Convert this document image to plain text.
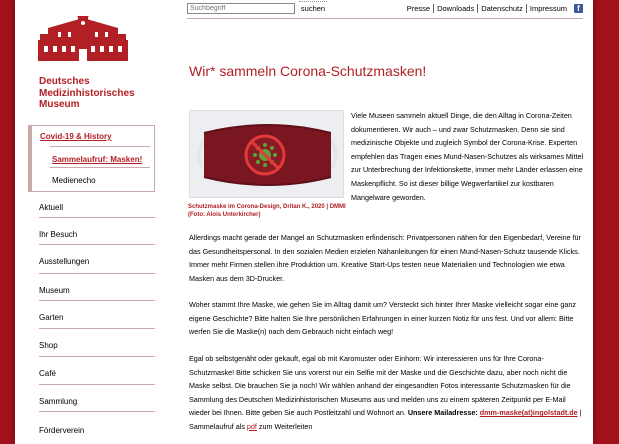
Deutsches
Medizinhistorisches
Museum
Covid-19 & History
Sammelaufruf: Masken!
Medienecho
Aktuell
Ihr Besuch
Ausstellungen
Museum
Garten
Shop
Café
Sammlung
Förderverein
Suchbegriff
suchen	Presse Downloads Datenschutz Impressum	f
Wir* sammeln Corona-Schutzmasken!
Schutzmaske im Corona-Design, Dritan K., 2020 | DMMI (Foto: Alois Unterkircher)

Viele Museen sammeln aktuell Dinge, die den Alltag in Corona-Zeiten dokumentieren. Wir auch – und zwar Schutzmasken. Denn sie sind medizinische Objekte und zugleich Symbol der Corona-Krise. Experten empfehlen das Tragen eines Mund-Nasen-Schutzes als wirksames Mittel zur Unterbrechung der Infektionskette, immer mehr Länder erlassen eine Maskenpflicht. So ist dieser billige Wegwerfartikel zur kostbaren Mangelware geworden.

Allerdings macht gerade der Mangel an Schutzmasken erfinderisch: Privatpersonen nähen für den Eigenbedarf, Vereine für das Gesundheitspersonal. In den sozialen Medien erzielen Nähanleitungen für einen Mund-Nasen-Schutz tausende Klicks. Immer mehr Firmen stellen ihre Produktion um. Kreative Start-Ups testen neue Materialien und Technologien wie etwa Masken aus dem 3D-Drucker.

Woher stammt Ihre Maske, wie gehen Sie im Alltag damit um? Versteckt sich hinter Ihrer Maske vielleicht sogar eine ganz eigene Geschichte? Bitte halten Sie Ihre persönlichen Erfahrungen in einer kurzen Notiz für uns fest. Und vor allem: Bitte werfen Sie die Maske(n) nach dem Gebrauch nicht einfach weg!

Egal ob selbstgenäht oder gekauft, egal ob mit Karomuster oder Einhorn: Wir interessieren uns für Ihre Corona-Schutzmaske! Bitte schicken Sie uns vorerst nur ein Selfie mit der Maske und die Geschichte dazu, aber noch nicht die Maske selbst. Die brauchen Sie ja noch! Wir wählen anhand der eingesandten Fotos interessante Schutzmasken für die Sammlung des Deutschen Medizinhistorischen Museums aus und melden uns zu einem späteren Zeitpunkt per E-Mail wieder bei Ihnen. Bitte geben Sie auch Postleitzahl und Wohnort an. Unsere Mailadresse: dmm-maske(at)ingolstadt.de | Sammelaufruf als pdf zum Weiterleiten
